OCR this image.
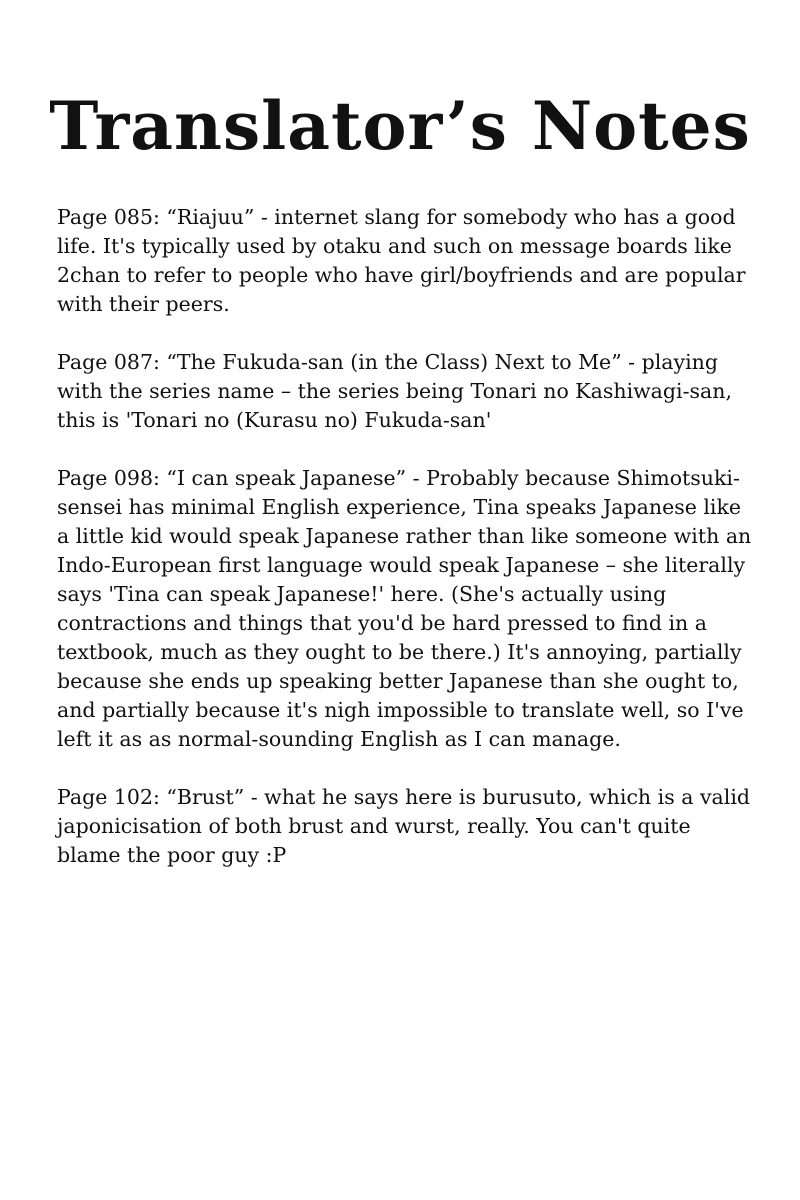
Translator’s Notes

Page 085: “Riajuu” - internet slang for somebody who has a good life. It's typically used by otaku and such on message boards like 2chan to refer to people who have girl/boyfriends and are popular with their peers.

Page 087: “The Fukuda-san (in the Class) Next to Me” - playing with the series name – the series being Tonari no Kashiwagi-san, this is 'Tonari no (Kurasu no) Fukuda-san'

Page 098: “I can speak Japanese” - Probably because Shimotsuki-sensei has minimal English experience, Tina speaks Japanese like a little kid would speak Japanese rather than like someone with an Indo-European first language would speak Japanese – she literally says 'Tina can speak Japanese!' here. (She's actually using contractions and things that you'd be hard pressed to find in a textbook, much as they ought to be there.) It's annoying, partially because she ends up speaking better Japanese than she ought to, and partially because it's nigh impossible to translate well, so I've left it as as normal-sounding English as I can manage.

Page 102: “Brust” - what he says here is burusuto, which is a valid japonicisation of both brust and wurst, really. You can't quite blame the poor guy :P
